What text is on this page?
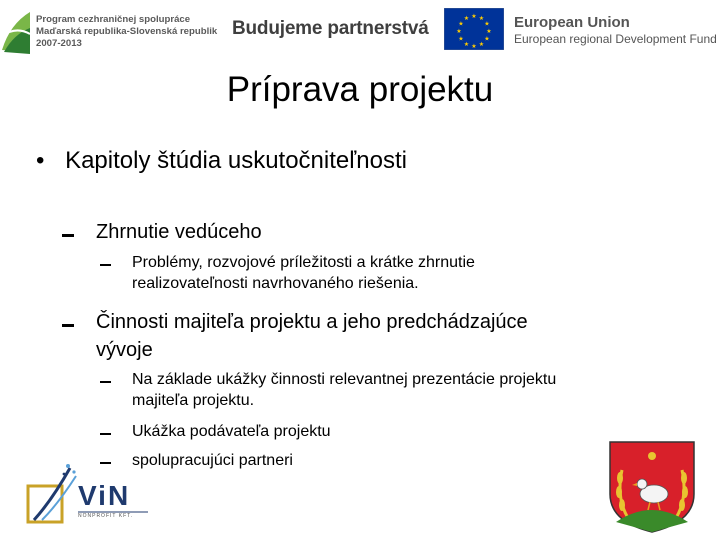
Program cezhraničnej spolupráce
Maďarská republika-Slovenská republik
2007-2013
Budujeme partnerstvá
★ ★
★
★
★
★
★
★
★
★
★
★	European Union
European regional Development Fund
Príprava projektu
• Kapitoly štúdia uskutočniteľnosti
Zhrnutie vedúceho
Problémy, rozvojové príležitosti a krátke zhrnutie
realizovateľnosti navrhovaného riešenia.
Činnosti majiteľa projektu a jeho predchádzajúce
vývoje
Na základe ukážky činnosti relevantnej prezentácie projektu
majiteľa projektu.
Ukážka podávateľa projektu
spolupracujúci partneri
ViN
NONPROFIT KFT.
